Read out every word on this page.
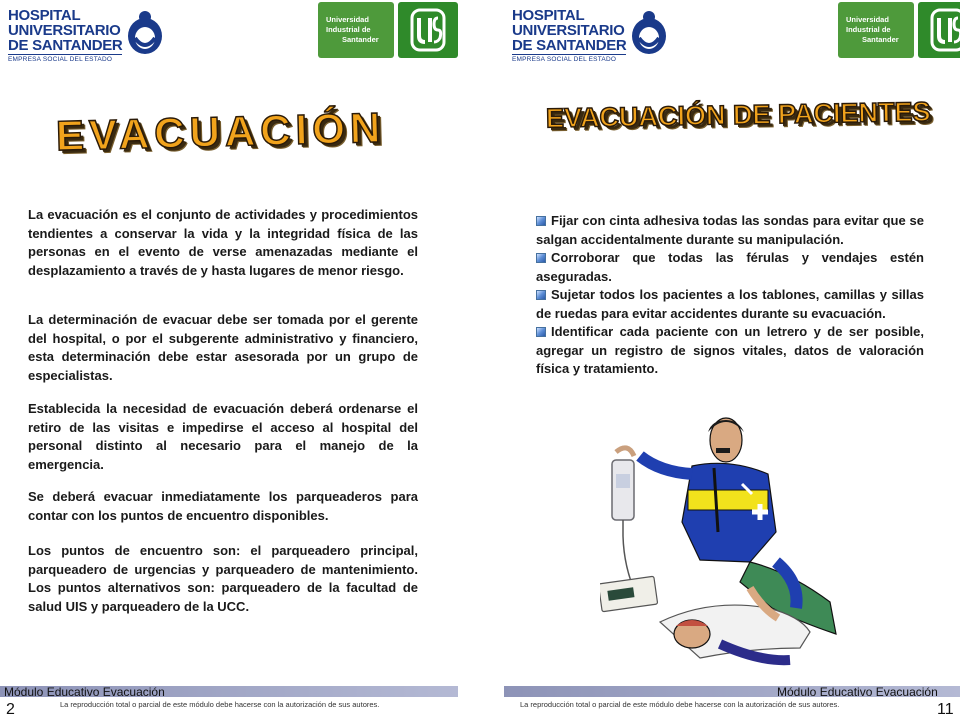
HOSPITAL
UNIVERSITARIO
DE SANTANDER
EMPRESA SOCIAL DEL ESTADO
Universidad
Industrial de
Santander
EVACUACIÓN
La evacuación es el conjunto de actividades y procedimientos tendientes a conservar la vida y la integridad física de las personas en el evento de verse amenazadas mediante el desplazamiento a través de y hasta lugares de menor riesgo.
La determinación de evacuar debe ser tomada por el gerente del hospital, o por el subgerente administrativo y financiero, esta determinación debe estar asesorada por un grupo de especialistas.
Establecida la necesidad de evacuación deberá ordenarse el retiro de las visitas e impedirse el acceso al hospital del personal distinto al necesario para el manejo de la emergencia.
Se deberá evacuar inmediatamente los parqueaderos para contar con los puntos de encuentro disponibles.
Los puntos de encuentro son: el parqueadero principal, parqueadero de urgencias y parqueadero de mantenimiento. Los puntos alternativos son: parqueadero de la facultad de salud UIS y parqueadero de la UCC.
Módulo Educativo Evacuación
2	La reproducción total o parcial de este módulo debe hacerse con la autorización de sus autores.
HOSPITAL
UNIVERSITARIO
DE SANTANDER
EMPRESA SOCIAL DEL ESTADO
Universidad
Industrial de
Santander
EVACUACIÓN DE PACIENTES

Fijar con cinta adhesiva todas las sondas para evitar que se salgan accidentalmente durante su manipulación.

Corroborar que todas las férulas y vendajes estén aseguradas.

Sujetar todos los pacientes a los tablones, camillas y sillas de ruedas para evitar accidentes durante su evacuación.

Identificar cada paciente con un letrero y de ser posible, agregar un registro de signos vitales, datos de valoración física y tratamiento.

Módulo Educativo Evacuación
11
La reproducción total o parcial de este módulo debe hacerse con la autorización de sus autores.
